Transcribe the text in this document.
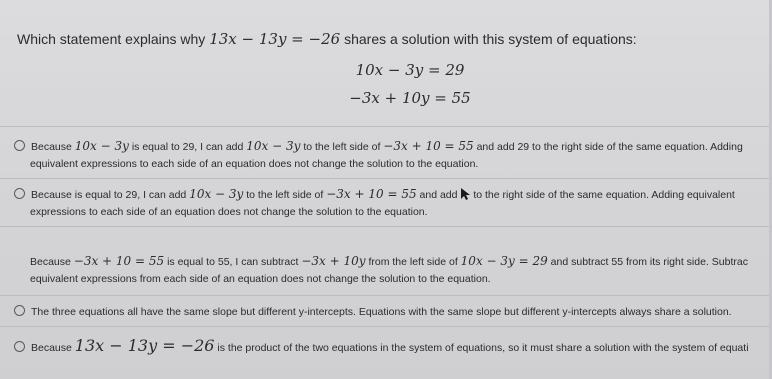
Which statement explains why 13x − 13y = −26 shares a solution with this system of equations:
10x − 3y = 29
−3x + 10y = 55
Because 10x − 3y is equal to 29, I can add 10x − 3y to the left side of −3x + 10 = 55 and add 29 to the right side of the same equation. Adding
equivalent expressions to each side of an equation does not change the solution to the equation.
Because is equal to 29, I can add 10x − 3y to the left side of −3x + 10 = 55 and add  to the right side of the same equation. Adding equivalent
expressions to each side of an equation does not change the solution to the equation.
Because −3x + 10 = 55 is equal to 55, I can subtract −3x + 10y from the left side of 10x − 3y = 29 and subtract 55 from its right side. Subtrac
equivalent expressions from each side of an equation does not change the solution to the equation.
The three equations all have the same slope but different y-intercepts. Equations with the same slope but different y-intercepts always share a solution.
Because 13x − 13y = −26 is the product of the two equations in the system of equations, so it must share a solution with the system of equati
